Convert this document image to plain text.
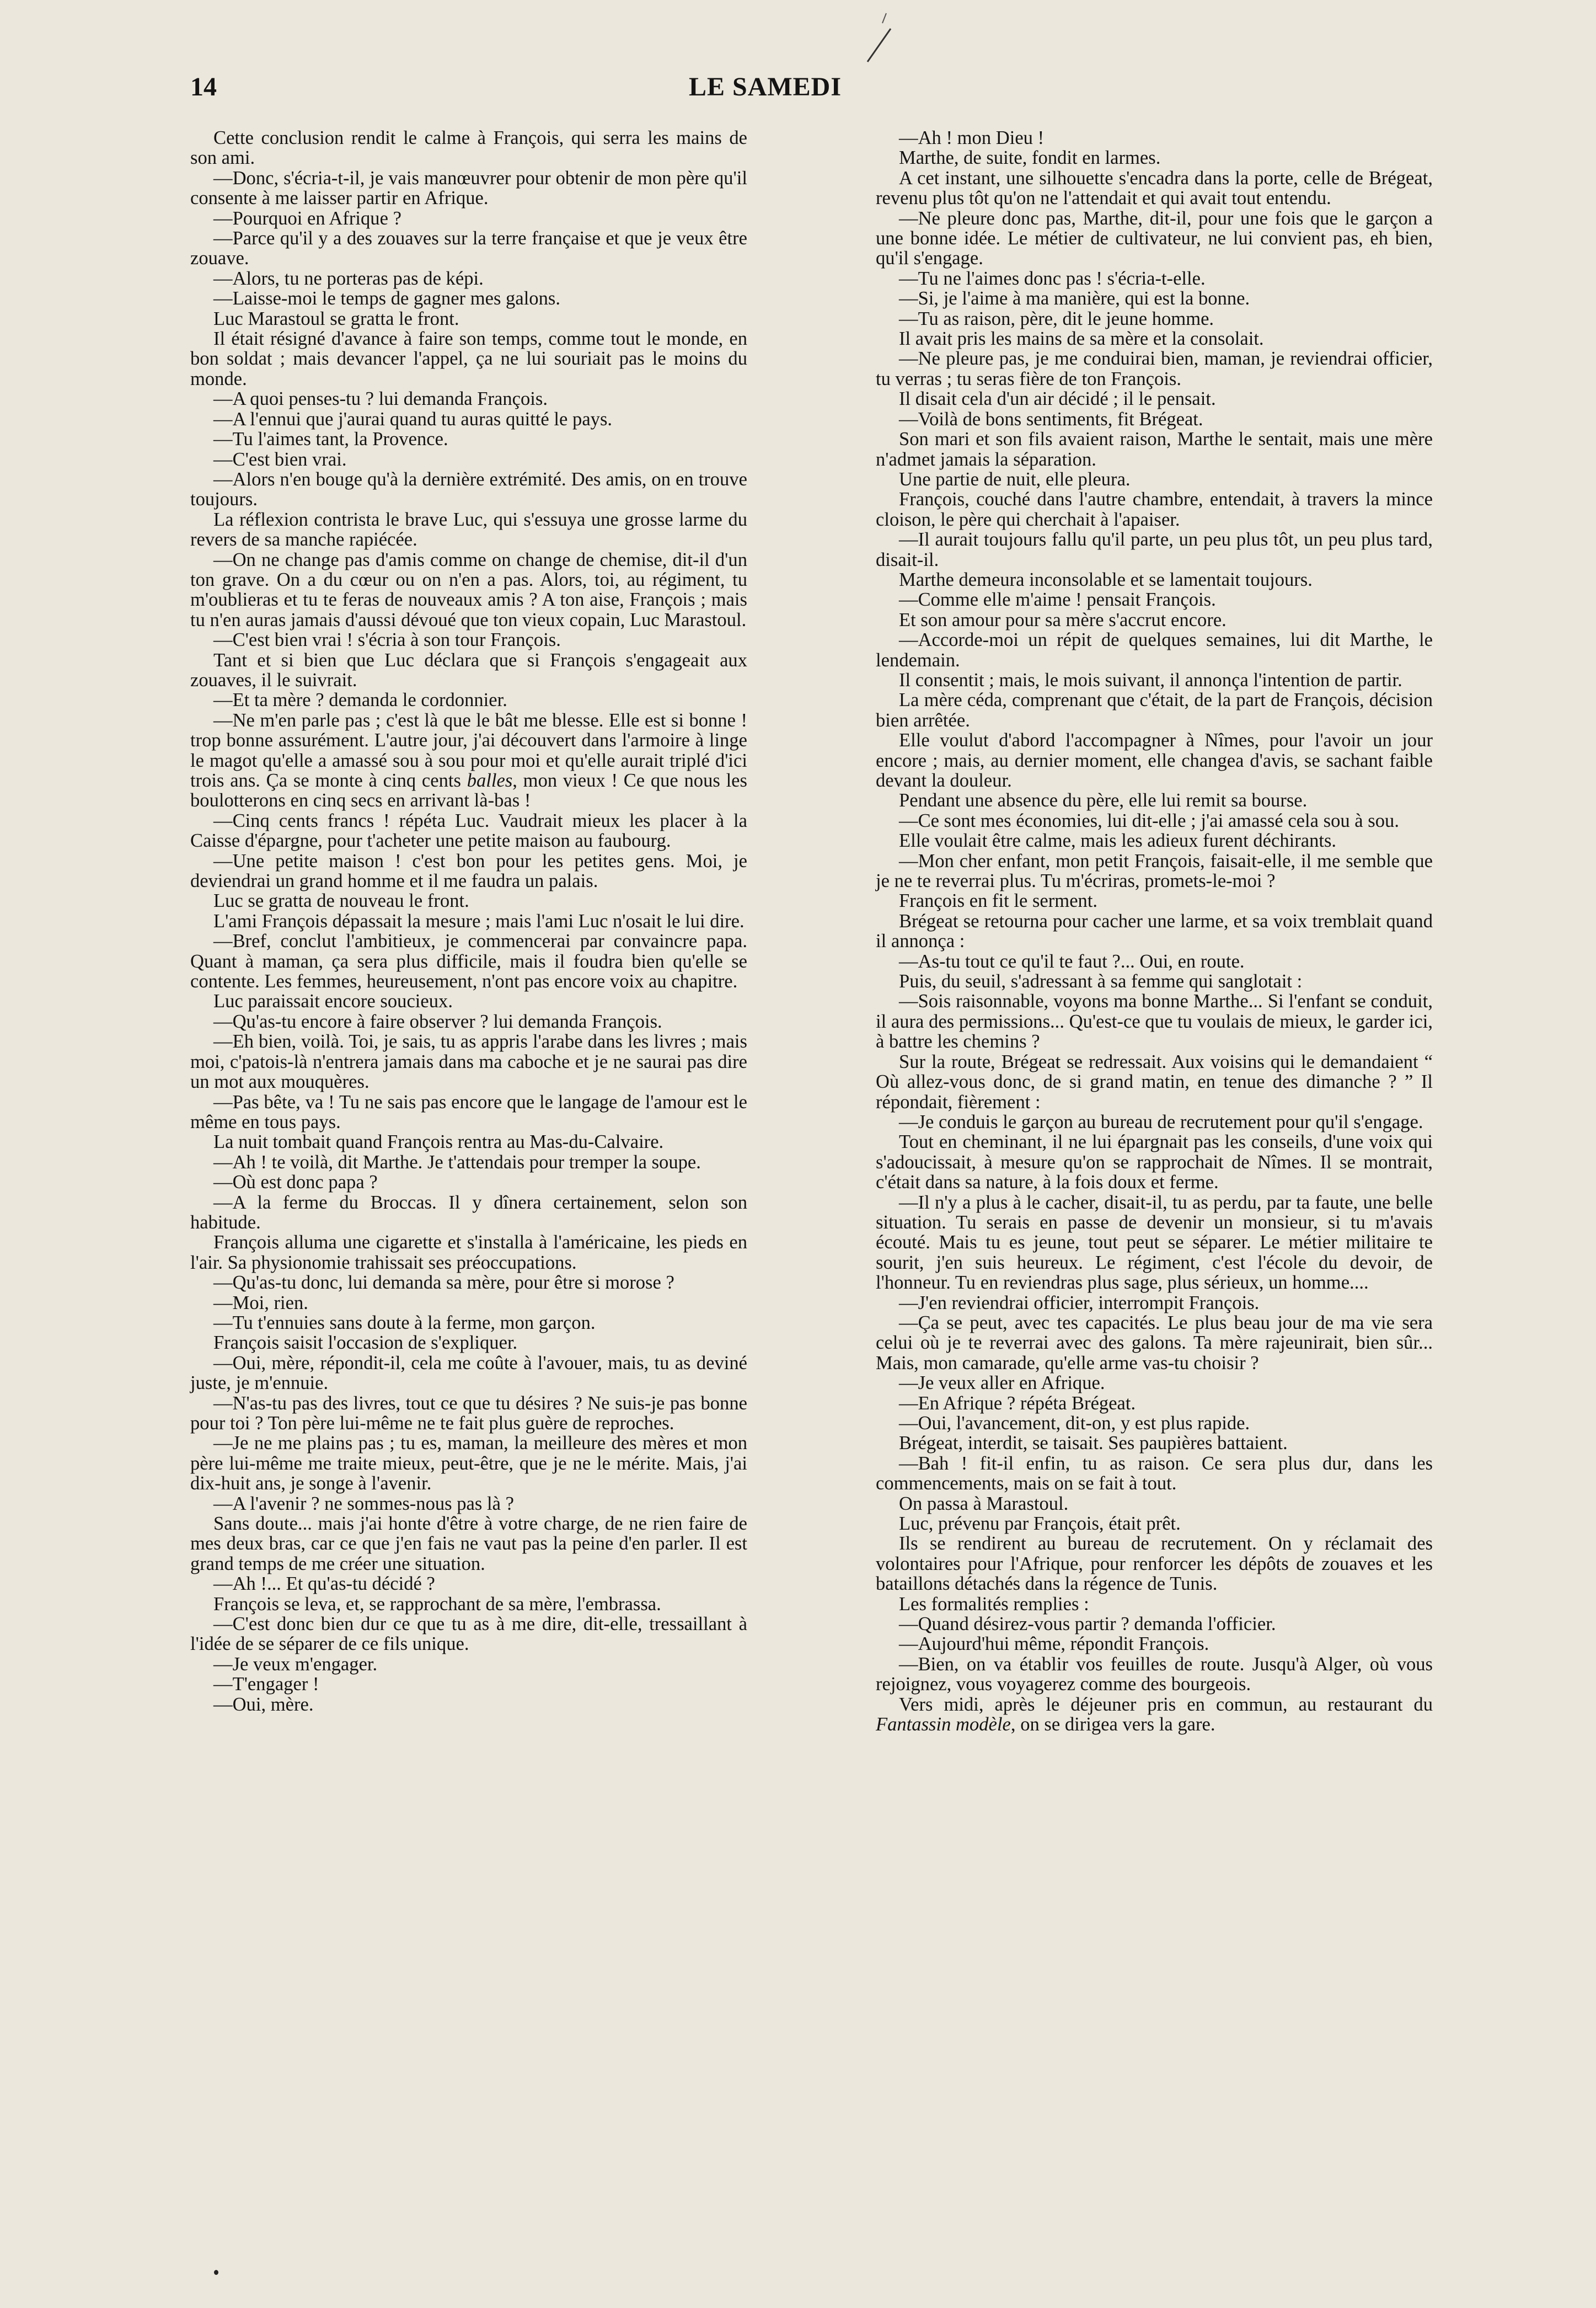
14	LE SAMEDI

Cette conclusion rendit le calme à François, qui serra les mains de son ami.

—Donc, s'écria-t-il, je vais manœuvrer pour obtenir de mon père qu'il consente à me laisser partir en Afrique.

—Pourquoi en Afrique ?

—Parce qu'il y a des zouaves sur la terre française et que je veux être zouave.

—Alors, tu ne porteras pas de képi.

—Laisse-moi le temps de gagner mes galons.

Luc Marastoul se gratta le front.

Il était résigné d'avance à faire son temps, comme tout le monde, en bon soldat ; mais devancer l'appel, ça ne lui souriait pas le moins du monde.

—A quoi penses-tu ? lui demanda François.

—A l'ennui que j'aurai quand tu auras quitté le pays.

—Tu l'aimes tant, la Provence.

—C'est bien vrai.

—Alors n'en bouge qu'à la dernière extrémité. Des amis, on en trouve toujours.

La réflexion contrista le brave Luc, qui s'essuya une grosse larme du revers de sa manche rapiécée.

—On ne change pas d'amis comme on change de chemise, dit-il d'un ton grave. On a du cœur ou on n'en a pas. Alors, toi, au régiment, tu m'oublieras et tu te feras de nouveaux amis ? A ton aise, François ; mais tu n'en auras jamais d'aussi dévoué que ton vieux copain, Luc Marastoul.

—C'est bien vrai ! s'écria à son tour François.

Tant et si bien que Luc déclara que si François s'engageait aux zouaves, il le suivrait.

—Et ta mère ? demanda le cordonnier.

—Ne m'en parle pas ; c'est là que le bât me blesse. Elle est si bonne ! trop bonne assurément. L'autre jour, j'ai découvert dans l'armoire à linge le magot qu'elle a amassé sou à sou pour moi et qu'elle aurait triplé d'ici trois ans. Ça se monte à cinq cents balles, mon vieux ! Ce que nous les boulotterons en cinq secs en arrivant là-bas !

—Cinq cents francs ! répéta Luc. Vaudrait mieux les placer à la Caisse d'épargne, pour t'acheter une petite maison au faubourg.

—Une petite maison ! c'est bon pour les petites gens. Moi, je deviendrai un grand homme et il me faudra un palais.

Luc se gratta de nouveau le front.

L'ami François dépassait la mesure ; mais l'ami Luc n'osait le lui dire.

—Bref, conclut l'ambitieux, je commencerai par convaincre papa. Quant à maman, ça sera plus difficile, mais il foudra bien qu'elle se contente. Les femmes, heureusement, n'ont pas encore voix au chapitre.

Luc paraissait encore soucieux.

—Qu'as-tu encore à faire observer ? lui demanda François.

—Eh bien, voilà. Toi, je sais, tu as appris l'arabe dans les livres ; mais moi, c'patois-là n'entrera jamais dans ma caboche et je ne saurai pas dire un mot aux mouquères.

—Pas bête, va ! Tu ne sais pas encore que le langage de l'amour est le même en tous pays.

La nuit tombait quand François rentra au Mas-du-Calvaire.

—Ah ! te voilà, dit Marthe. Je t'attendais pour tremper la soupe.

—Où est donc papa ?

—A la ferme du Broccas. Il y dînera certainement, selon son habitude.

François alluma une cigarette et s'installa à l'américaine, les pieds en l'air. Sa physionomie trahissait ses préoccupations.

—Qu'as-tu donc, lui demanda sa mère, pour être si morose ?

—Moi, rien.

—Tu t'ennuies sans doute à la ferme, mon garçon.

François saisit l'occasion de s'expliquer.

—Oui, mère, répondit-il, cela me coûte à l'avouer, mais, tu as deviné juste, je m'ennuie.

—N'as-tu pas des livres, tout ce que tu désires ? Ne suis-je pas bonne pour toi ? Ton père lui-même ne te fait plus guère de reproches.

—Je ne me plains pas ; tu es, maman, la meilleure des mères et mon père lui-même me traite mieux, peut-être, que je ne le mérite. Mais, j'ai dix-huit ans, je songe à l'avenir.

—A l'avenir ? ne sommes-nous pas là ?

Sans doute... mais j'ai honte d'être à votre charge, de ne rien faire de mes deux bras, car ce que j'en fais ne vaut pas la peine d'en parler. Il est grand temps de me créer une situation.

—Ah !... Et qu'as-tu décidé ?

François se leva, et, se rapprochant de sa mère, l'embrassa.

—C'est donc bien dur ce que tu as à me dire, dit-elle, tressaillant à l'idée de se séparer de ce fils unique.

—Je veux m'engager.

—T'engager !

—Oui, mère.

—Ah ! mon Dieu !

Marthe, de suite, fondit en larmes.

A cet instant, une silhouette s'encadra dans la porte, celle de Brégeat, revenu plus tôt qu'on ne l'attendait et qui avait tout entendu.

—Ne pleure donc pas, Marthe, dit-il, pour une fois que le garçon a une bonne idée. Le métier de cultivateur, ne lui convient pas, eh bien, qu'il s'engage.

—Tu ne l'aimes donc pas ! s'écria-t-elle.

—Si, je l'aime à ma manière, qui est la bonne.

—Tu as raison, père, dit le jeune homme.

Il avait pris les mains de sa mère et la consolait.

—Ne pleure pas, je me conduirai bien, maman, je reviendrai officier, tu verras ; tu seras fière de ton François.

Il disait cela d'un air décidé ; il le pensait.

—Voilà de bons sentiments, fit Brégeat.

Son mari et son fils avaient raison, Marthe le sentait, mais une mère n'admet jamais la séparation.

Une partie de nuit, elle pleura.

François, couché dans l'autre chambre, entendait, à travers la mince cloison, le père qui cherchait à l'apaiser.

—Il aurait toujours fallu qu'il parte, un peu plus tôt, un peu plus tard, disait-il.

Marthe demeura inconsolable et se lamentait toujours.

—Comme elle m'aime ! pensait François.

Et son amour pour sa mère s'accrut encore.

—Accorde-moi un répit de quelques semaines, lui dit Marthe, le lendemain.

Il consentit ; mais, le mois suivant, il annonça l'intention de partir.

La mère céda, comprenant que c'était, de la part de François, décision bien arrêtée.

Elle voulut d'abord l'accompagner à Nîmes, pour l'avoir un jour encore ; mais, au dernier moment, elle changea d'avis, se sachant faible devant la douleur.

Pendant une absence du père, elle lui remit sa bourse.

—Ce sont mes économies, lui dit-elle ; j'ai amassé cela sou à sou.

Elle voulait être calme, mais les adieux furent déchirants.

—Mon cher enfant, mon petit François, faisait-elle, il me semble que je ne te reverrai plus. Tu m'écriras, promets-le-moi ?

François en fit le serment.

Brégeat se retourna pour cacher une larme, et sa voix tremblait quand il annonça :

—As-tu tout ce qu'il te faut ?... Oui, en route.

Puis, du seuil, s'adressant à sa femme qui sanglotait :

—Sois raisonnable, voyons ma bonne Marthe... Si l'enfant se conduit, il aura des permissions... Qu'est-ce que tu voulais de mieux, le garder ici, à battre les chemins ?

Sur la route, Brégeat se redressait. Aux voisins qui le demandaient “ Où allez-vous donc, de si grand matin, en tenue des dimanche ? ” Il répondait, fièrement :

—Je conduis le garçon au bureau de recrutement pour qu'il s'engage.

Tout en cheminant, il ne lui épargnait pas les conseils, d'une voix qui s'adoucissait, à mesure qu'on se rapprochait de Nîmes. Il se montrait, c'était dans sa nature, à la fois doux et ferme.

—Il n'y a plus à le cacher, disait-il, tu as perdu, par ta faute, une belle situation. Tu serais en passe de devenir un monsieur, si tu m'avais écouté. Mais tu es jeune, tout peut se séparer. Le métier militaire te sourit, j'en suis heureux. Le régiment, c'est l'école du devoir, de l'honneur. Tu en reviendras plus sage, plus sérieux, un homme....

—J'en reviendrai officier, interrompit François.

—Ça se peut, avec tes capacités. Le plus beau jour de ma vie sera celui où je te reverrai avec des galons. Ta mère rajeunirait, bien sûr... Mais, mon camarade, qu'elle arme vas-tu choisir ?

—Je veux aller en Afrique.

—En Afrique ? répéta Brégeat.

—Oui, l'avancement, dit-on, y est plus rapide.

Brégeat, interdit, se taisait. Ses paupières battaient.

—Bah ! fit-il enfin, tu as raison. Ce sera plus dur, dans les commencements, mais on se fait à tout.

On passa à Marastoul.

Luc, prévenu par François, était prêt.

Ils se rendirent au bureau de recrutement. On y réclamait des volontaires pour l'Afrique, pour renforcer les dépôts de zouaves et les bataillons détachés dans la régence de Tunis.

Les formalités remplies :

—Quand désirez-vous partir ? demanda l'officier.

—Aujourd'hui même, répondit François.

—Bien, on va établir vos feuilles de route. Jusqu'à Alger, où vous rejoignez, vous voyagerez comme des bourgeois.

Vers midi, après le déjeuner pris en commun, au restaurant du Fantassin modèle, on se dirigea vers la gare.
